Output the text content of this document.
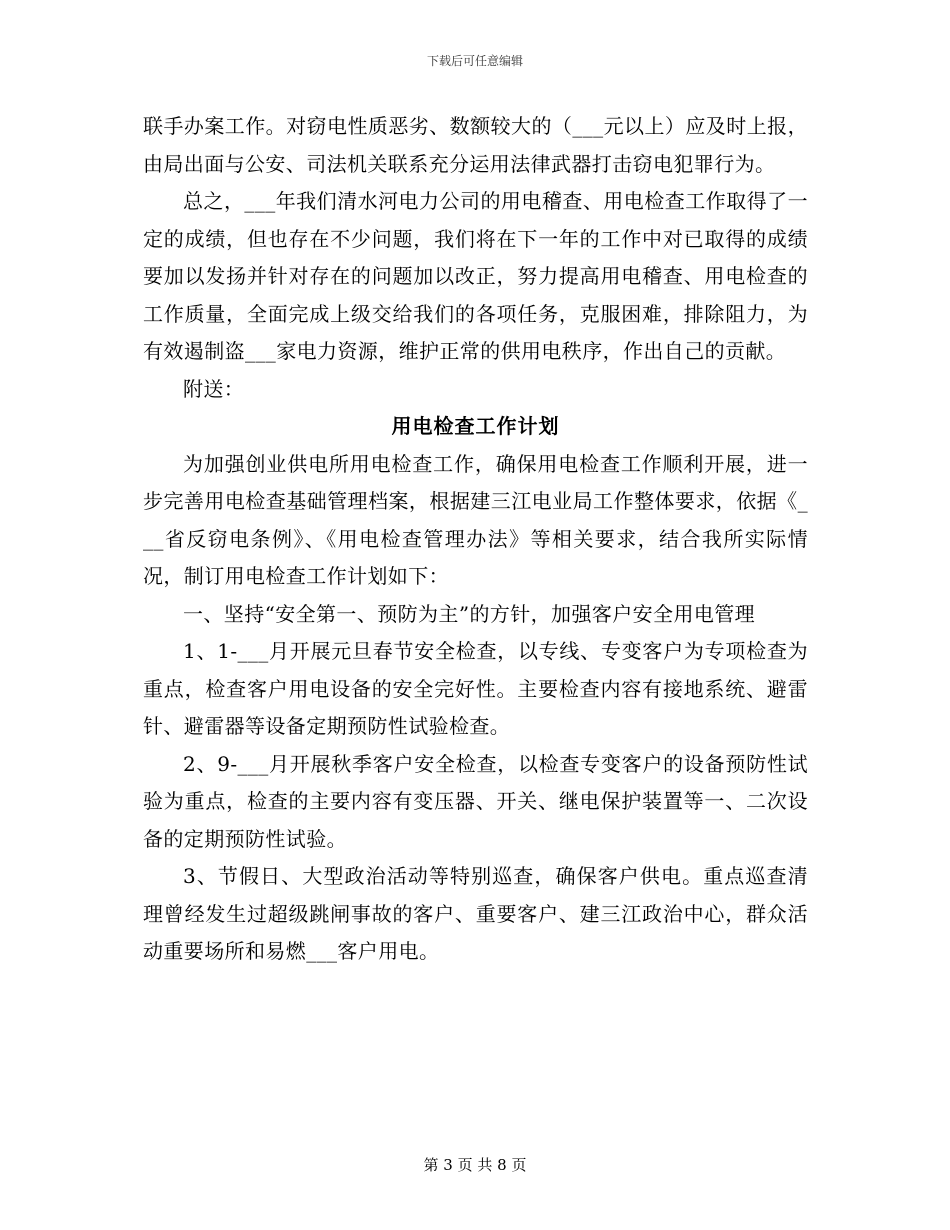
下载后可任意编辑

联手办案工作。对窃电性质恶劣、数额较大的（___元以上）应及时上报，由局出面与公安、司法机关联系充分运用法律武器打击窃电犯罪行为。

总之，___年我们清水河电力公司的用电稽查、用电检查工作取得了一定的成绩，但也存在不少问题，我们将在下一年的工作中对已取得的成绩要加以发扬并针对存在的问题加以改正，努力提高用电稽查、用电检查的工作质量，全面完成上级交给我们的各项任务，克服困难，排除阻力，为有效遏制盗___家电力资源，维护正常的供用电秩序，作出自己的贡献。

附送：

用电检查工作计划

为加强创业供电所用电检查工作，确保用电检查工作顺利开展，进一步完善用电检查基础管理档案，根据建三江电业局工作整体要求，依据《___省反窃电条例》、《用电检查管理办法》等相关要求，结合我所实际情况，制订用电检查工作计划如下：

一、坚持“安全第一、预防为主”的方针，加强客户安全用电管理

1、1-___月开展元旦春节安全检查，以专线、专变客户为专项检查为重点，检查客户用电设备的安全完好性。主要检查内容有接地系统、避雷针、避雷器等设备定期预防性试验检查。

2、9-___月开展秋季客户安全检查，以检查专变客户的设备预防性试验为重点，检查的主要内容有变压器、开关、继电保护装置等一、二次设备的定期预防性试验。

3、节假日、大型政治活动等特别巡查，确保客户供电。重点巡查清理曾经发生过超级跳闸事故的客户、重要客户、建三江政治中心，群众活动重要场所和易燃___客户用电。

第 3 页 共 8 页
